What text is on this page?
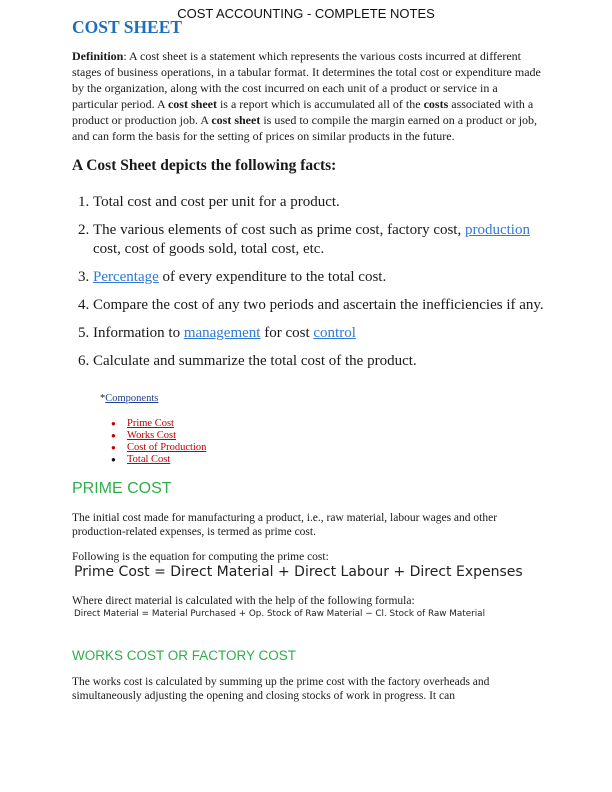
COST ACCOUNTING - COMPLETE NOTES
COST SHEET

Definition: A cost sheet is a statement which represents the various costs incurred at different stages of business operations, in a tabular format. It determines the total cost or expenditure made by the organization, along with the cost incurred on each unit of a product or service in a particular period. A cost sheet is a report which is accumulated all of the costs associated with a product or production job. A cost sheet is used to compile the margin earned on a product or job, and can form the basis for the setting of prices on similar products in the future.

A Cost Sheet depicts the following facts:
1. Total cost and cost per unit for a product.
2. The various elements of cost such as prime cost, factory cost, production cost, cost of goods sold, total cost, etc.
3. Percentage of every expenditure to the total cost.
4. Compare the cost of any two periods and ascertain the inefficiencies if any.
5. Information to management for cost control
6. Calculate and summarize the total cost of the product.
*Components
● Prime Cost
● Works Cost
● Cost of Production
● Total Cost
PRIME COST

The initial cost made for manufacturing a product, i.e., raw material, labour wages and other production-related expenses, is termed as prime cost.

Following is the equation for computing the prime cost:

Prime Cost = Direct Material + Direct Labour + Direct Expenses

Where direct material is calculated with the help of the following formula:

Direct Material = Material Purchased + Op. Stock of Raw Material − Cl. Stock of Raw Material
WORKS COST OR FACTORY COST

The works cost is calculated by summing up the prime cost with the factory overheads and simultaneously adjusting the opening and closing stocks of work in progress. It can
